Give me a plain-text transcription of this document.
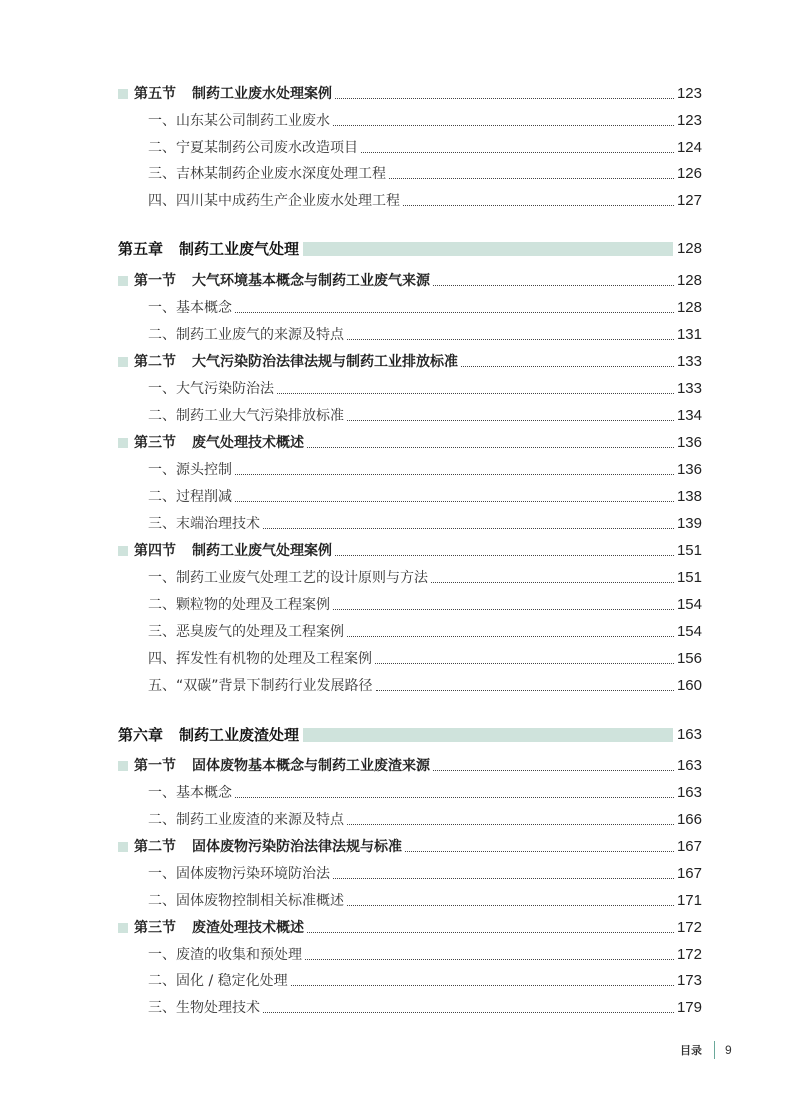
第五节 制药工业废水处理案例	123
一、山东某公司制药工业废水	123
二、宁夏某制药公司废水改造项目	124
三、吉林某制药企业废水深度处理工程	126
四、四川某中成药生产企业废水处理工程	127
第五章 制药工业废气处理	128
第一节 大气环境基本概念与制药工业废气来源	128
一、基本概念	128
二、制药工业废气的来源及特点	131
第二节 大气污染防治法律法规与制药工业排放标准	133
一、大气污染防治法	133
二、制药工业大气污染排放标准	134
第三节 废气处理技术概述	136
一、源头控制	136
二、过程削减	138
三、末端治理技术	139
第四节 制药工业废气处理案例	151
一、制药工业废气处理工艺的设计原则与方法	151
二、颗粒物的处理及工程案例	154
三、恶臭废气的处理及工程案例	154
四、挥发性有机物的处理及工程案例	156
五、“双碳”背景下制药行业发展路径	160
第六章 制药工业废渣处理	163
第一节 固体废物基本概念与制药工业废渣来源	163
一、基本概念	163
二、制药工业废渣的来源及特点	166
第二节 固体废物污染防治法律法规与标准	167
一、固体废物污染环境防治法	167
二、固体废物控制相关标准概述	171
第三节 废渣处理技术概述	172
一、废渣的收集和预处理	172
二、固化 / 稳定化处理	173
三、生物处理技术	179
目录 9
